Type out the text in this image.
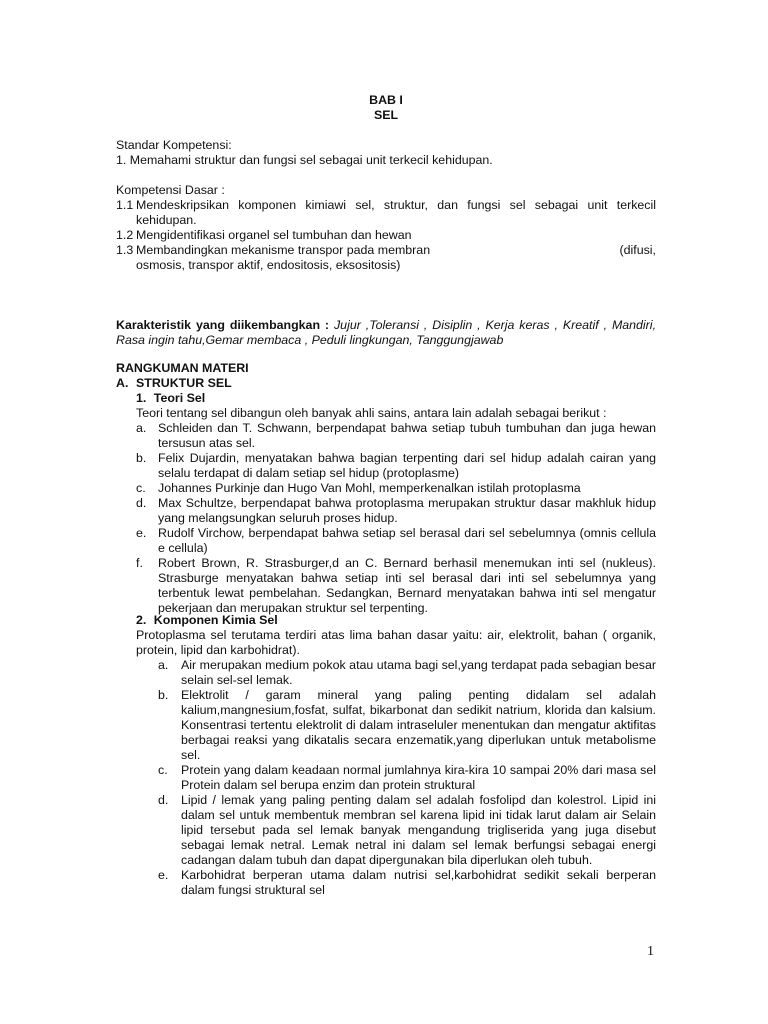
BAB I
SEL
Standar Kompetensi:
1. Memahami struktur dan fungsi sel sebagai unit terkecil kehidupan.
Kompetensi Dasar :
1.1 Mendeskripsikan komponen kimiawi sel, struktur, dan fungsi sel sebagai unit terkecil kehidupan.
1.2 Mengidentifikasi organel sel tumbuhan dan hewan
1.3 Membandingkan mekanisme transpor pada membran	(difusi,
osmosis, transpor aktif, endositosis, eksositosis)
Karakteristik yang diikembangkan : Jujur ,Toleransi , Disiplin , Kerja keras , Kreatif , Mandiri, Rasa ingin tahu,Gemar membaca , Peduli lingkungan, Tanggungjawab
RANGKUMAN MATERI
A. STRUKTUR SEL
1. Teori Sel
Teori tentang sel dibangun oleh banyak ahli sains, antara lain adalah sebagai berikut :
a. Schleiden dan T. Schwann, berpendapat bahwa setiap tubuh tumbuhan dan juga hewan tersusun atas sel.
b. Felix Dujardin, menyatakan bahwa bagian terpenting dari sel hidup adalah cairan yang selalu terdapat di dalam setiap sel hidup (protoplasme)
c. Johannes Purkinje dan Hugo Van Mohl, memperkenalkan istilah protoplasma
d. Max Schultze, berpendapat bahwa protoplasma merupakan struktur dasar makhluk hidup yang melangsungkan seluruh proses hidup.
e. Rudolf Virchow, berpendapat bahwa setiap sel berasal dari sel sebelumnya (omnis cellula e cellula)
f. Robert Brown, R. Strasburger,d an C. Bernard berhasil menemukan inti sel (nukleus). Strasburge menyatakan bahwa setiap inti sel berasal dari inti sel sebelumnya yang terbentuk lewat pembelahan. Sedangkan, Bernard menyatakan bahwa inti sel mengatur pekerjaan dan merupakan struktur sel terpenting.
2. Komponen Kimia Sel
Protoplasma sel terutama terdiri atas lima bahan dasar yaitu: air, elektrolit, bahan ( organik, protein, lipid dan karbohidrat).
a. Air merupakan medium pokok atau utama bagi sel,yang terdapat pada sebagian besar selain sel-sel lemak.
b. Elektrolit / garam mineral yang paling penting didalam sel adalah kalium,mangnesium,fosfat, sulfat, bikarbonat dan sedikit natrium, klorida dan kalsium. Konsentrasi tertentu elektrolit di dalam intraseluler menentukan dan mengatur aktifitas berbagai reaksi yang dikatalis secara enzematik,yang diperlukan untuk metabolisme sel.
c. Protein yang dalam keadaan normal jumlahnya kira-kira 10 sampai 20% dari masa sel Protein dalam sel berupa enzim dan protein struktural
d. Lipid / lemak yang paling penting dalam sel adalah fosfolipd dan kolestrol. Lipid ini dalam sel untuk membentuk membran sel karena lipid ini tidak larut dalam air Selain lipid tersebut pada sel lemak banyak mengandung trigliserida yang juga disebut sebagai lemak netral. Lemak netral ini dalam sel lemak berfungsi sebagai energi cadangan dalam tubuh dan dapat dipergunakan bila diperlukan oleh tubuh.
e. Karbohidrat berperan utama dalam nutrisi sel,karbohidrat sedikit sekali berperan dalam fungsi struktural sel
1
